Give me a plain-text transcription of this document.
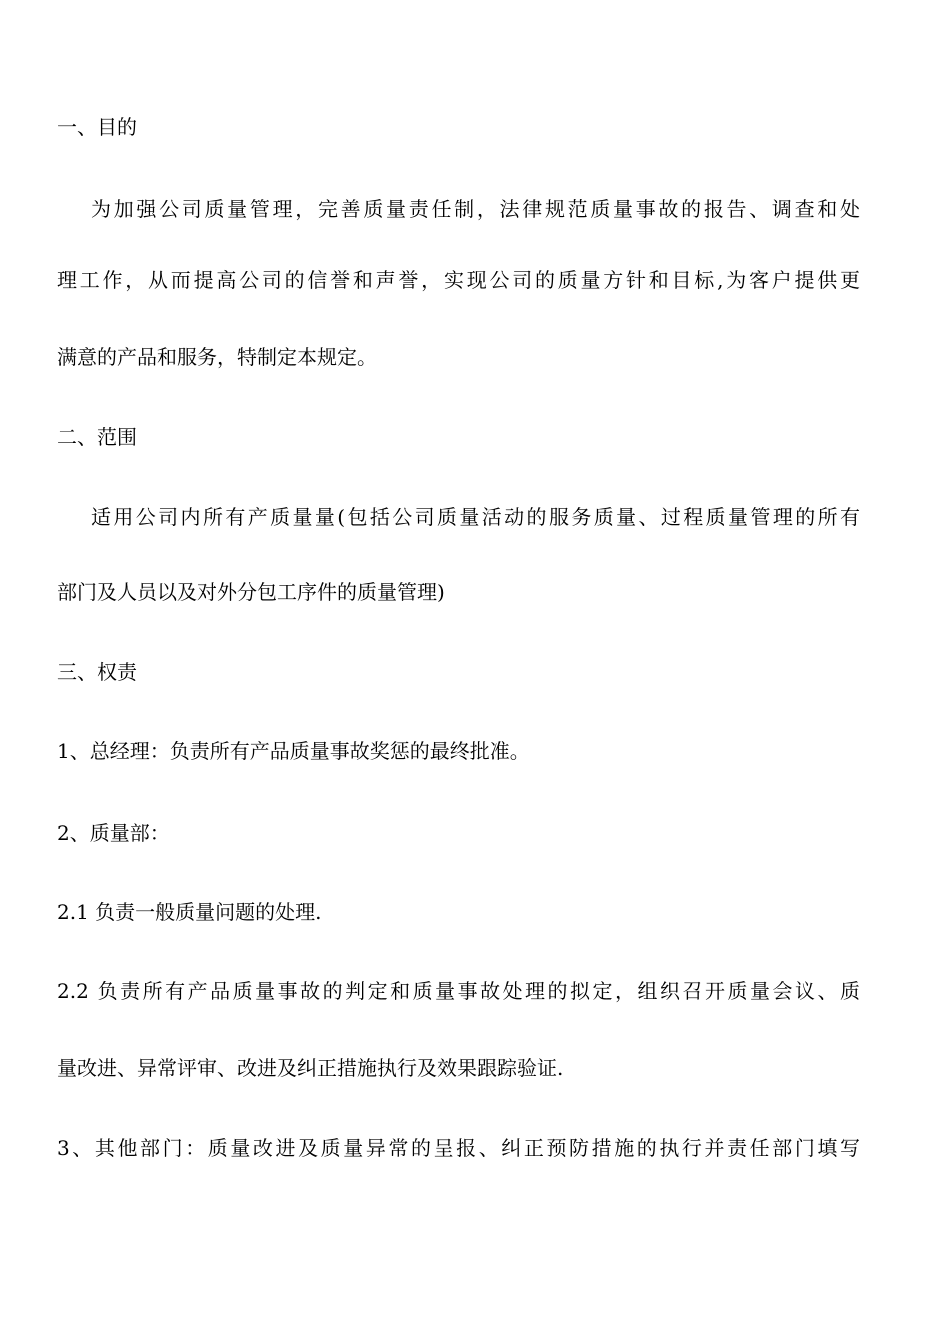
一、目的
为加强公司质量管理，完善质量责任制，法律规范质量事故的报告、调查和处
理工作，从而提高公司的信誉和声誉，实现公司的质量方针和目标,为客户提供更
满意的产品和服务，特制定本规定。
二、范围
适用公司内所有产质量量(包括公司质量活动的服务质量、过程质量管理的所有
部门及人员以及对外分包工序件的质量管理)
三、权责
1、总经理：负责所有产品质量事故奖惩的最终批准。
2、质量部：
2.1 负责一般质量问题的处理.
2.2 负责所有产品质量事故的判定和质量事故处理的拟定，组织召开质量会议、质
量改进、异常评审、改进及纠正措施执行及效果跟踪验证.
3、其他部门：质量改进及质量异常的呈报、纠正预防措施的执行并责任部门填写
